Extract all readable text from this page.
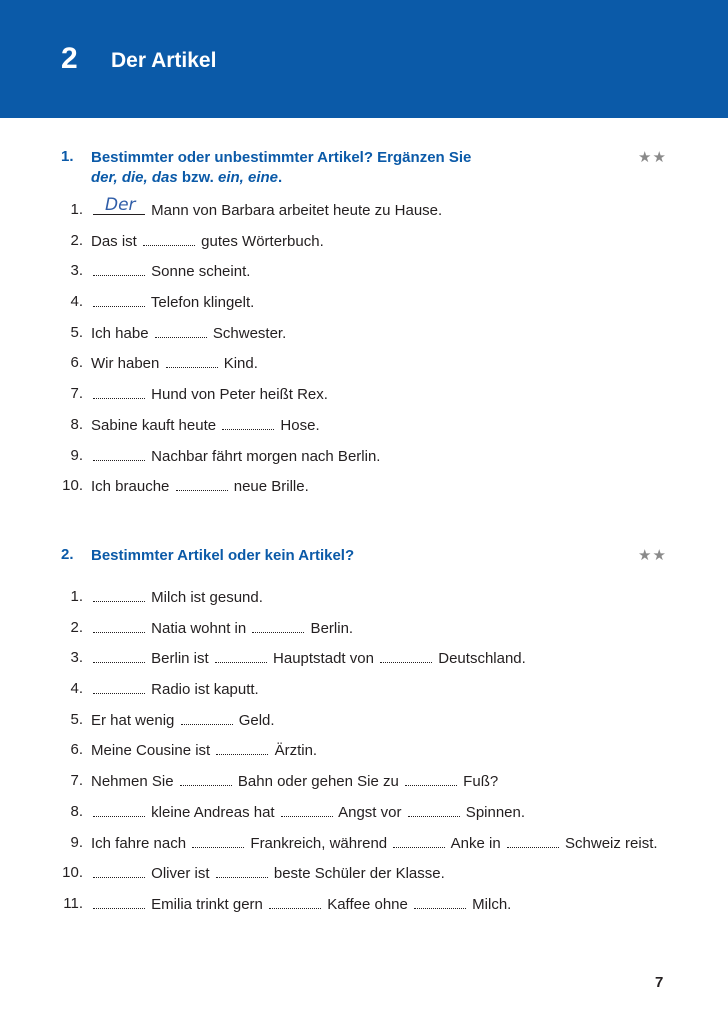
2 Der Artikel
1. Bestimmter oder unbestimmter Artikel? Ergänzen Sie
der, die, das bzw. ein, eine.
★★
1. Der Mann von Barbara arbeitet heute zu Hause.
2. Das ist	gutes Wörterbuch.
3.	Sonne scheint.
4.	Telefon klingelt.
5. Ich habe	Schwester.
6. Wir haben	Kind.
7.	Hund von Peter heißt Rex.
8. Sabine kauft heute	Hose.
9.	Nachbar fährt morgen nach Berlin.
10. Ich brauche	neue Brille.
2. Bestimmter Artikel oder kein Artikel?	★★
1.	Milch ist gesund.
2.	Natia wohnt in	Berlin.
3.	Berlin ist	Hauptstadt von	Deutschland.
4.	Radio ist kaputt.
5. Er hat wenig	Geld.
6. Meine Cousine ist	Ärztin.
7. Nehmen Sie	Bahn oder gehen Sie zu	Fuß?
8.	kleine Andreas hat	Angst vor	Spinnen.
9. Ich fahre nach	Frankreich, während	Anke in	Schweiz reist.
10.	Oliver ist	beste Schüler der Klasse.
11.	Emilia trinkt gern	Kaffee ohne	Milch.
7
